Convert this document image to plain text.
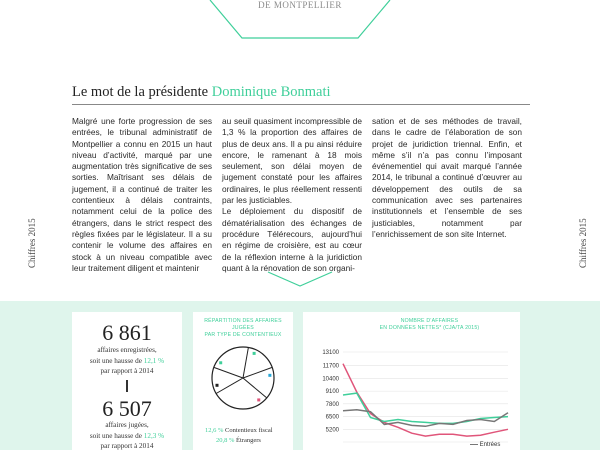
DE MONTPELLIER
Chiffres 2015	Chiffres 2015
Le mot de la présidente Dominique Bonmati

Malgré une forte progression de ses entrées, le tribunal administratif de Montpellier a connu en 2015 un haut niveau d’activité, marqué par une augmentation très significative de ses sorties. Maîtrisant ses délais de jugement, il a continué de traiter les contentieux à délais contraints, notamment celui de la police des étrangers, dans le strict respect des règles fixées par le législateur. Il a su contenir le volume des affaires en stock à un niveau compatible avec leur traitement diligent et maintenir

au seuil quasiment incompressible de 1,3 % la proportion des affaires de plus de deux ans. Il a pu ainsi réduire encore, le ramenant à 18 mois seulement, son délai moyen de jugement constaté pour les affaires ordinaires, le plus réellement ressenti par les justiciables.

Le déploiement du dispositif de dématérialisation des échanges de procédure Télérecours, aujourd’hui en régime de croisière, est au cœur de la réflexion interne à la juridiction quant à la rénovation de son organi-

sation et de ses méthodes de travail, dans le cadre de l’élaboration de son projet de juridiction triennal. Enfin, et même s’il n’a pas connu l’imposant événementiel qui avait marqué l’année 2014, le tribunal a continué d’œuvrer au développement des outils de sa communication avec ses partenaires institutionnels et l’ensemble de ses justiciables, notamment par l’enrichissement de son site Internet.

6 861
affaires enregistrées,
soit une hausse de 12,1 %
par rapport à 2014
6 507
affaires jugées,
soit une hausse de 12,3 %
par rapport à 2014
RÉPARTITION DES AFFAIRES JUGÉES
PAR TYPE DE CONTENTIEUX
12,6 % Contentieux fiscal
20,8 % Étrangers
NOMBRE D’AFFAIRES
EN DONNÉES NETTES* (CJA/TA 2015)
5200
6500
7800
9100
10400
11700
13100
Entrées
